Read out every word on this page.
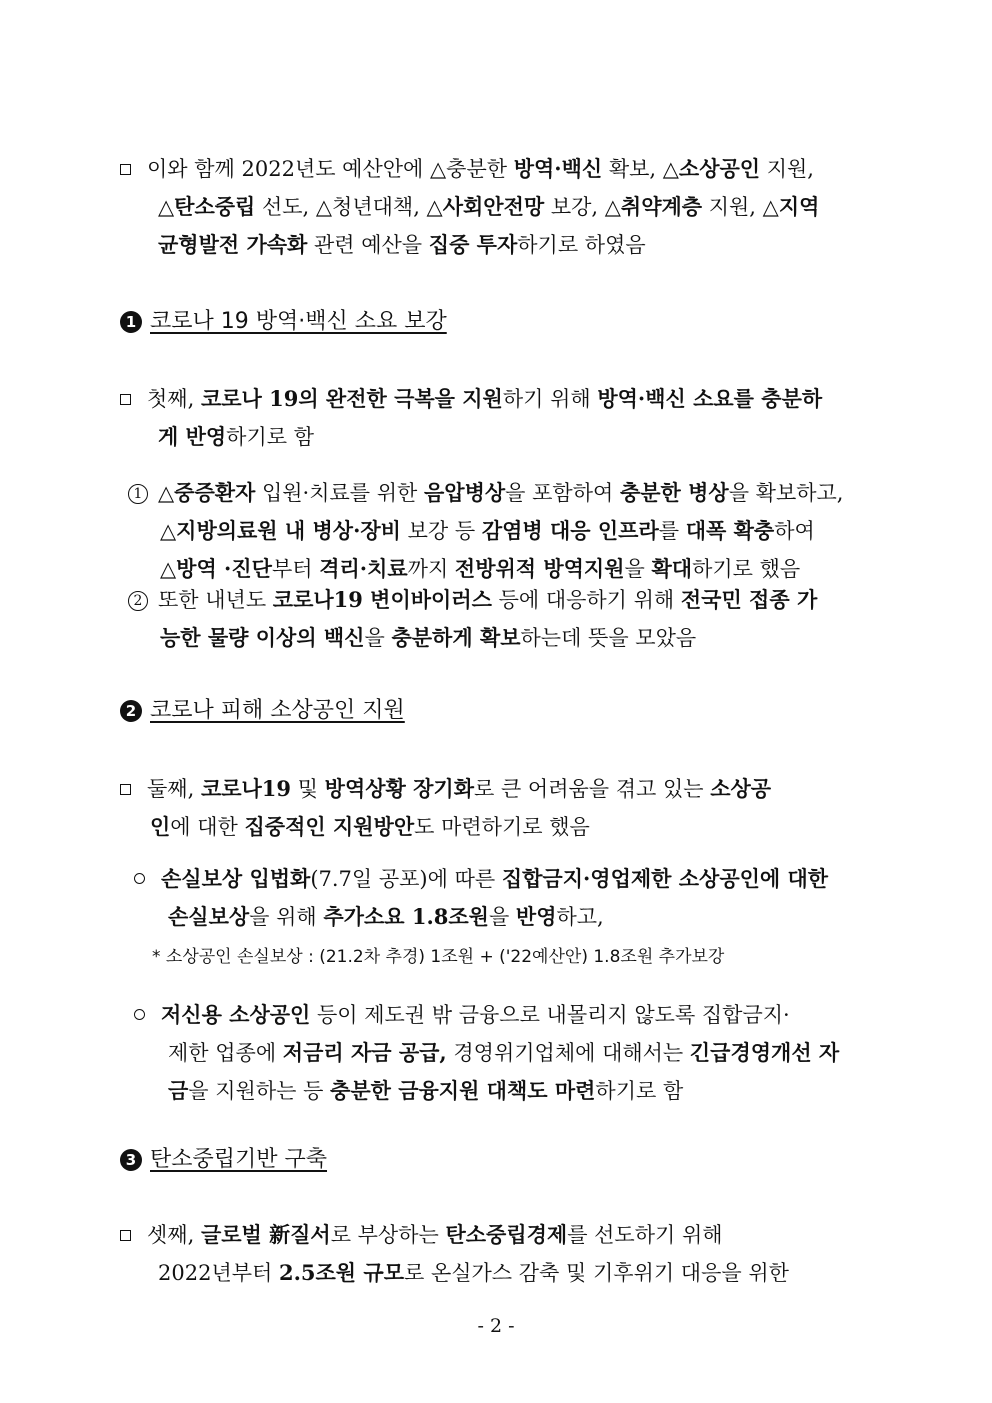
이와 함께 2022년도 예산안에 △충분한 방역·백신 확보, △소상공인 지원,
△탄소중립 선도, △청년대책, △사회안전망 보강, △취약계층 지원, △지역
균형발전 가속화 관련 예산을 집중 투자하기로 하였음
1 코로나 19 방역·백신 소요 보강
첫째, 코로나 19의 완전한 극복을 지원하기 위해 방역·백신 소요를 충분하
게 반영하기로 함
1 △중증환자 입원·치료를 위한 음압병상을 포함하여 충분한 병상을 확보하고,
△지방의료원 내 병상·장비 보강 등 감염병 대응 인프라를 대폭 확충하여
△방역 ·진단부터 격리·치료까지 전방위적 방역지원을 확대하기로 했음
2 또한 내년도 코로나19 변이바이러스 등에 대응하기 위해 전국민 접종 가
능한 물량 이상의 백신을 충분하게 확보하는데 뜻을 모았음
2 코로나 피해 소상공인 지원
둘째, 코로나19 및 방역상황 장기화로 큰 어려움을 겪고 있는 소상공
인에 대한 집중적인 지원방안도 마련하기로 했음
손실보상 입법화(7.7일 공포)에 따른 집합금지·영업제한 소상공인에 대한
손실보상을 위해 추가소요 1.8조원을 반영하고,
* 소상공인 손실보상 : (21.2차 추경) 1조원 + ('22예산안) 1.8조원 추가보강
저신용 소상공인 등이 제도권 밖 금융으로 내몰리지 않도록 집합금지·
제한 업종에 저금리 자금 공급, 경영위기업체에 대해서는 긴급경영개선 자
금을 지원하는 등 충분한 금융지원 대책도 마련하기로 함
3 탄소중립기반 구축
셋째, 글로벌 新질서로 부상하는 탄소중립경제를 선도하기 위해
2022년부터 2.5조원 규모로 온실가스 감축 및 기후위기 대응을 위한
- 2 -
